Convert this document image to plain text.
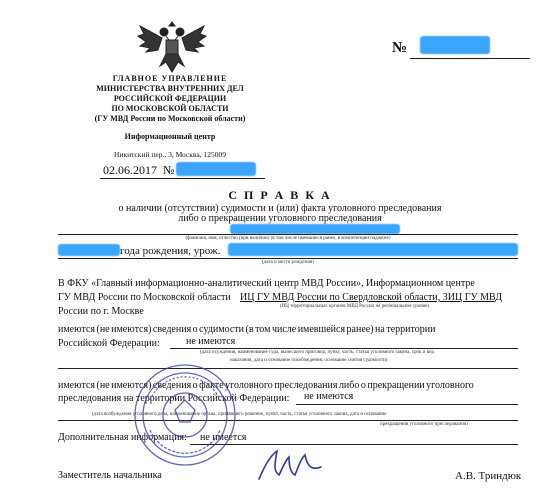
№
ГЛАВНОЕ УПРАВЛЕНИЕ
МИНИСТЕРСТВА ВНУТРЕННИХ ДЕЛ
РОССИЙСКОЙ ФЕДЕРАЦИИ
ПО МОСКОВСКОЙ ОБЛАСТИ
(ГУ МВД России по Московской области)
Информационный центр
Никитский пер., 3, Москва, 125009
02.06.2017 №
С П Р А В К А
о наличии (отсутствии) судимости и (или) факта уголовного преследования
либо о прекращении уголовного преследования
(фамилия, имя, отчество (при наличии) (в том числе имевшиеся ранее, в компетенции паджеже)
года рождения, урож.
(дата и место рождения)
В ФКУ «Главный информационно-аналитический центр МВД России», Информационном центре
ГУ МВД России по Московской области ИЦ ГУ МВД России по Свердловской области, ЗИЦ ГУ МВД
(ИЦ территориальных органов МВД России на региональном уровне)
России по г. Москве
имеются (не имеются) сведения о судимости (в том числе имевшейся ранее) на территории
Российской Федерации:	не имеются
(дата осуждения, наименование суда, вынесшего приговор, пункт, часть, статья уголовного закона, срок и вид
наказания, дата и основание освобождения, основание снятия судимости)
имеются (не имеются) сведения о факте уголовного преследования либо о прекращении уголовного
преследования на территории Российской Федерации: не имеются
(дата возбуждения уголовного дела, наименование органа, принявшего решение, пункт, часть, статья уголовного закона, дата и основание
прекращения уголовного преследования)
Дополнительная информация: не имеется
Заместитель начальника	А.В. Триндюк
